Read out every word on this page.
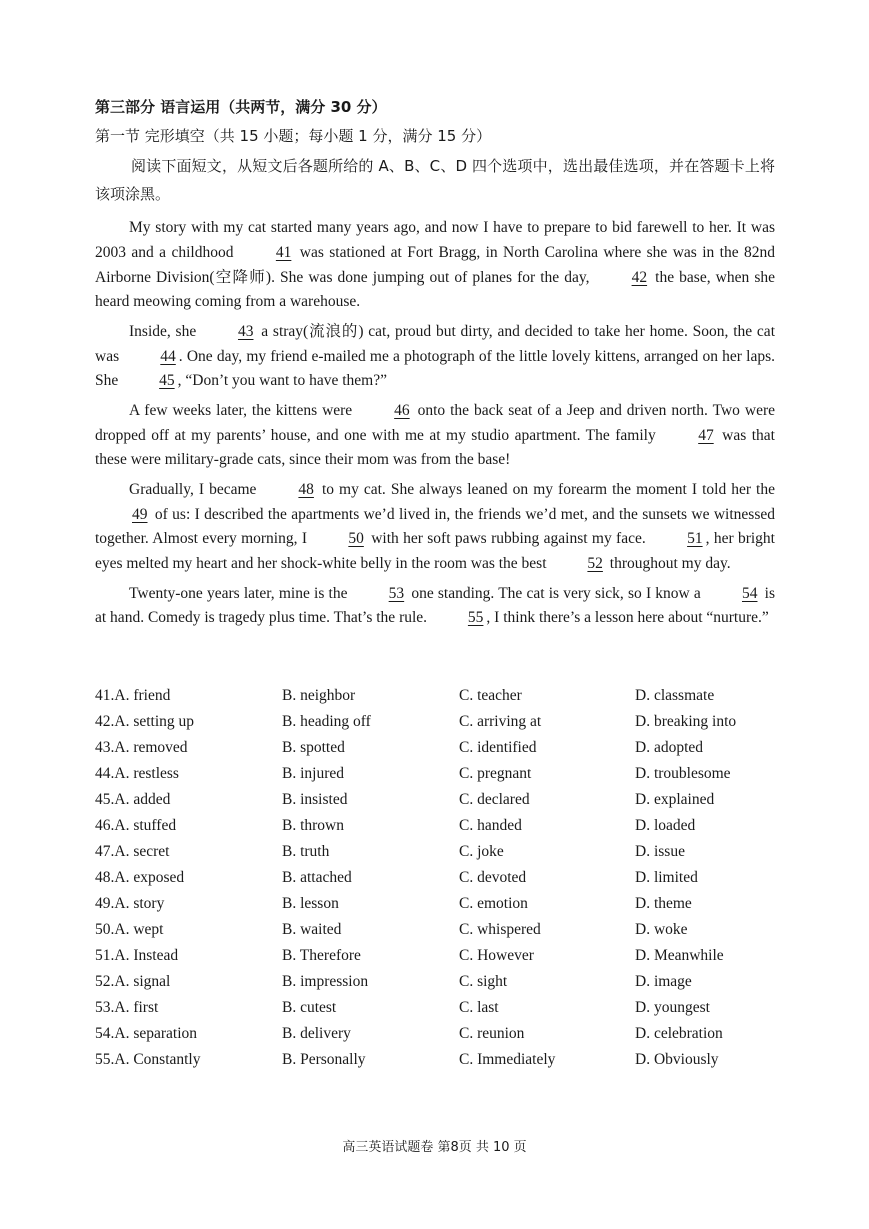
第三部分 语言运用（共两节，满分 30 分）
第一节 完形填空（共 15 小题；每小题 1 分，满分 15 分）

阅读下面短文，从短文后各题所给的 A、B、C、D 四个选项中，选出最佳选项，并在答题卡上将该项涂黑。

My story with my cat started many years ago, and now I have to prepare to bid farewell to her. It was 2003 and a childhood 41 was stationed at Fort Bragg, in North Carolina where she was in the 82nd Airborne Division(空降师). She was done jumping out of planes for the day, 42 the base, when she heard meowing coming from a warehouse.

Inside, she 43 a stray(流浪的) cat, proud but dirty, and decided to take her home. Soon, the cat was 44 . One day, my friend e-mailed me a photograph of the little lovely kittens, arranged on her laps. She 45 , “Don’t you want to have them?”

A few weeks later, the kittens were 46 onto the back seat of a Jeep and driven north. Two were dropped off at my parents’ house, and one with me at my studio apartment. The family 47 was that these were military-grade cats, since their mom was from the base!

Gradually, I became 48 to my cat. She always leaned on my forearm the moment I told her the 49 of us: I described the apartments we’d lived in, the friends we’d met, and the sunsets we witnessed together. Almost every morning, I 50 with her soft paws rubbing against my face. 51 , her bright eyes melted my heart and her shock-white belly in the room was the best 52 throughout my day.

Twenty-one years later, mine is the 53 one standing. The cat is very sick, so I know a 54 is at hand. Comedy is tragedy plus time. That’s the rule. 55 , I think there’s a lesson here about “nurture.”

41.A. friend	B. neighbor	C. teacher	D. classmate
42.A. setting up	B. heading off	C. arriving at	D. breaking into
43.A. removed	B. spotted	C. identified	D. adopted
44.A. restless	B. injured	C. pregnant	D. troublesome
45.A. added	B. insisted	C. declared	D. explained
46.A. stuffed	B. thrown	C. handed	D. loaded
47.A. secret	B. truth	C. joke	D. issue
48.A. exposed	B. attached	C. devoted	D. limited
49.A. story	B. lesson	C. emotion	D. theme
50.A. wept	B. waited	C. whispered	D. woke
51.A. Instead	B. Therefore	C. However	D. Meanwhile
52.A. signal	B. impression	C. sight	D. image
53.A. first	B. cutest	C. last	D. youngest
54.A. separation	B. delivery	C. reunion	D. celebration
55.A. Constantly	B. Personally	C. Immediately	D. Obviously
高三英语试题卷 第8页 共 10 页
